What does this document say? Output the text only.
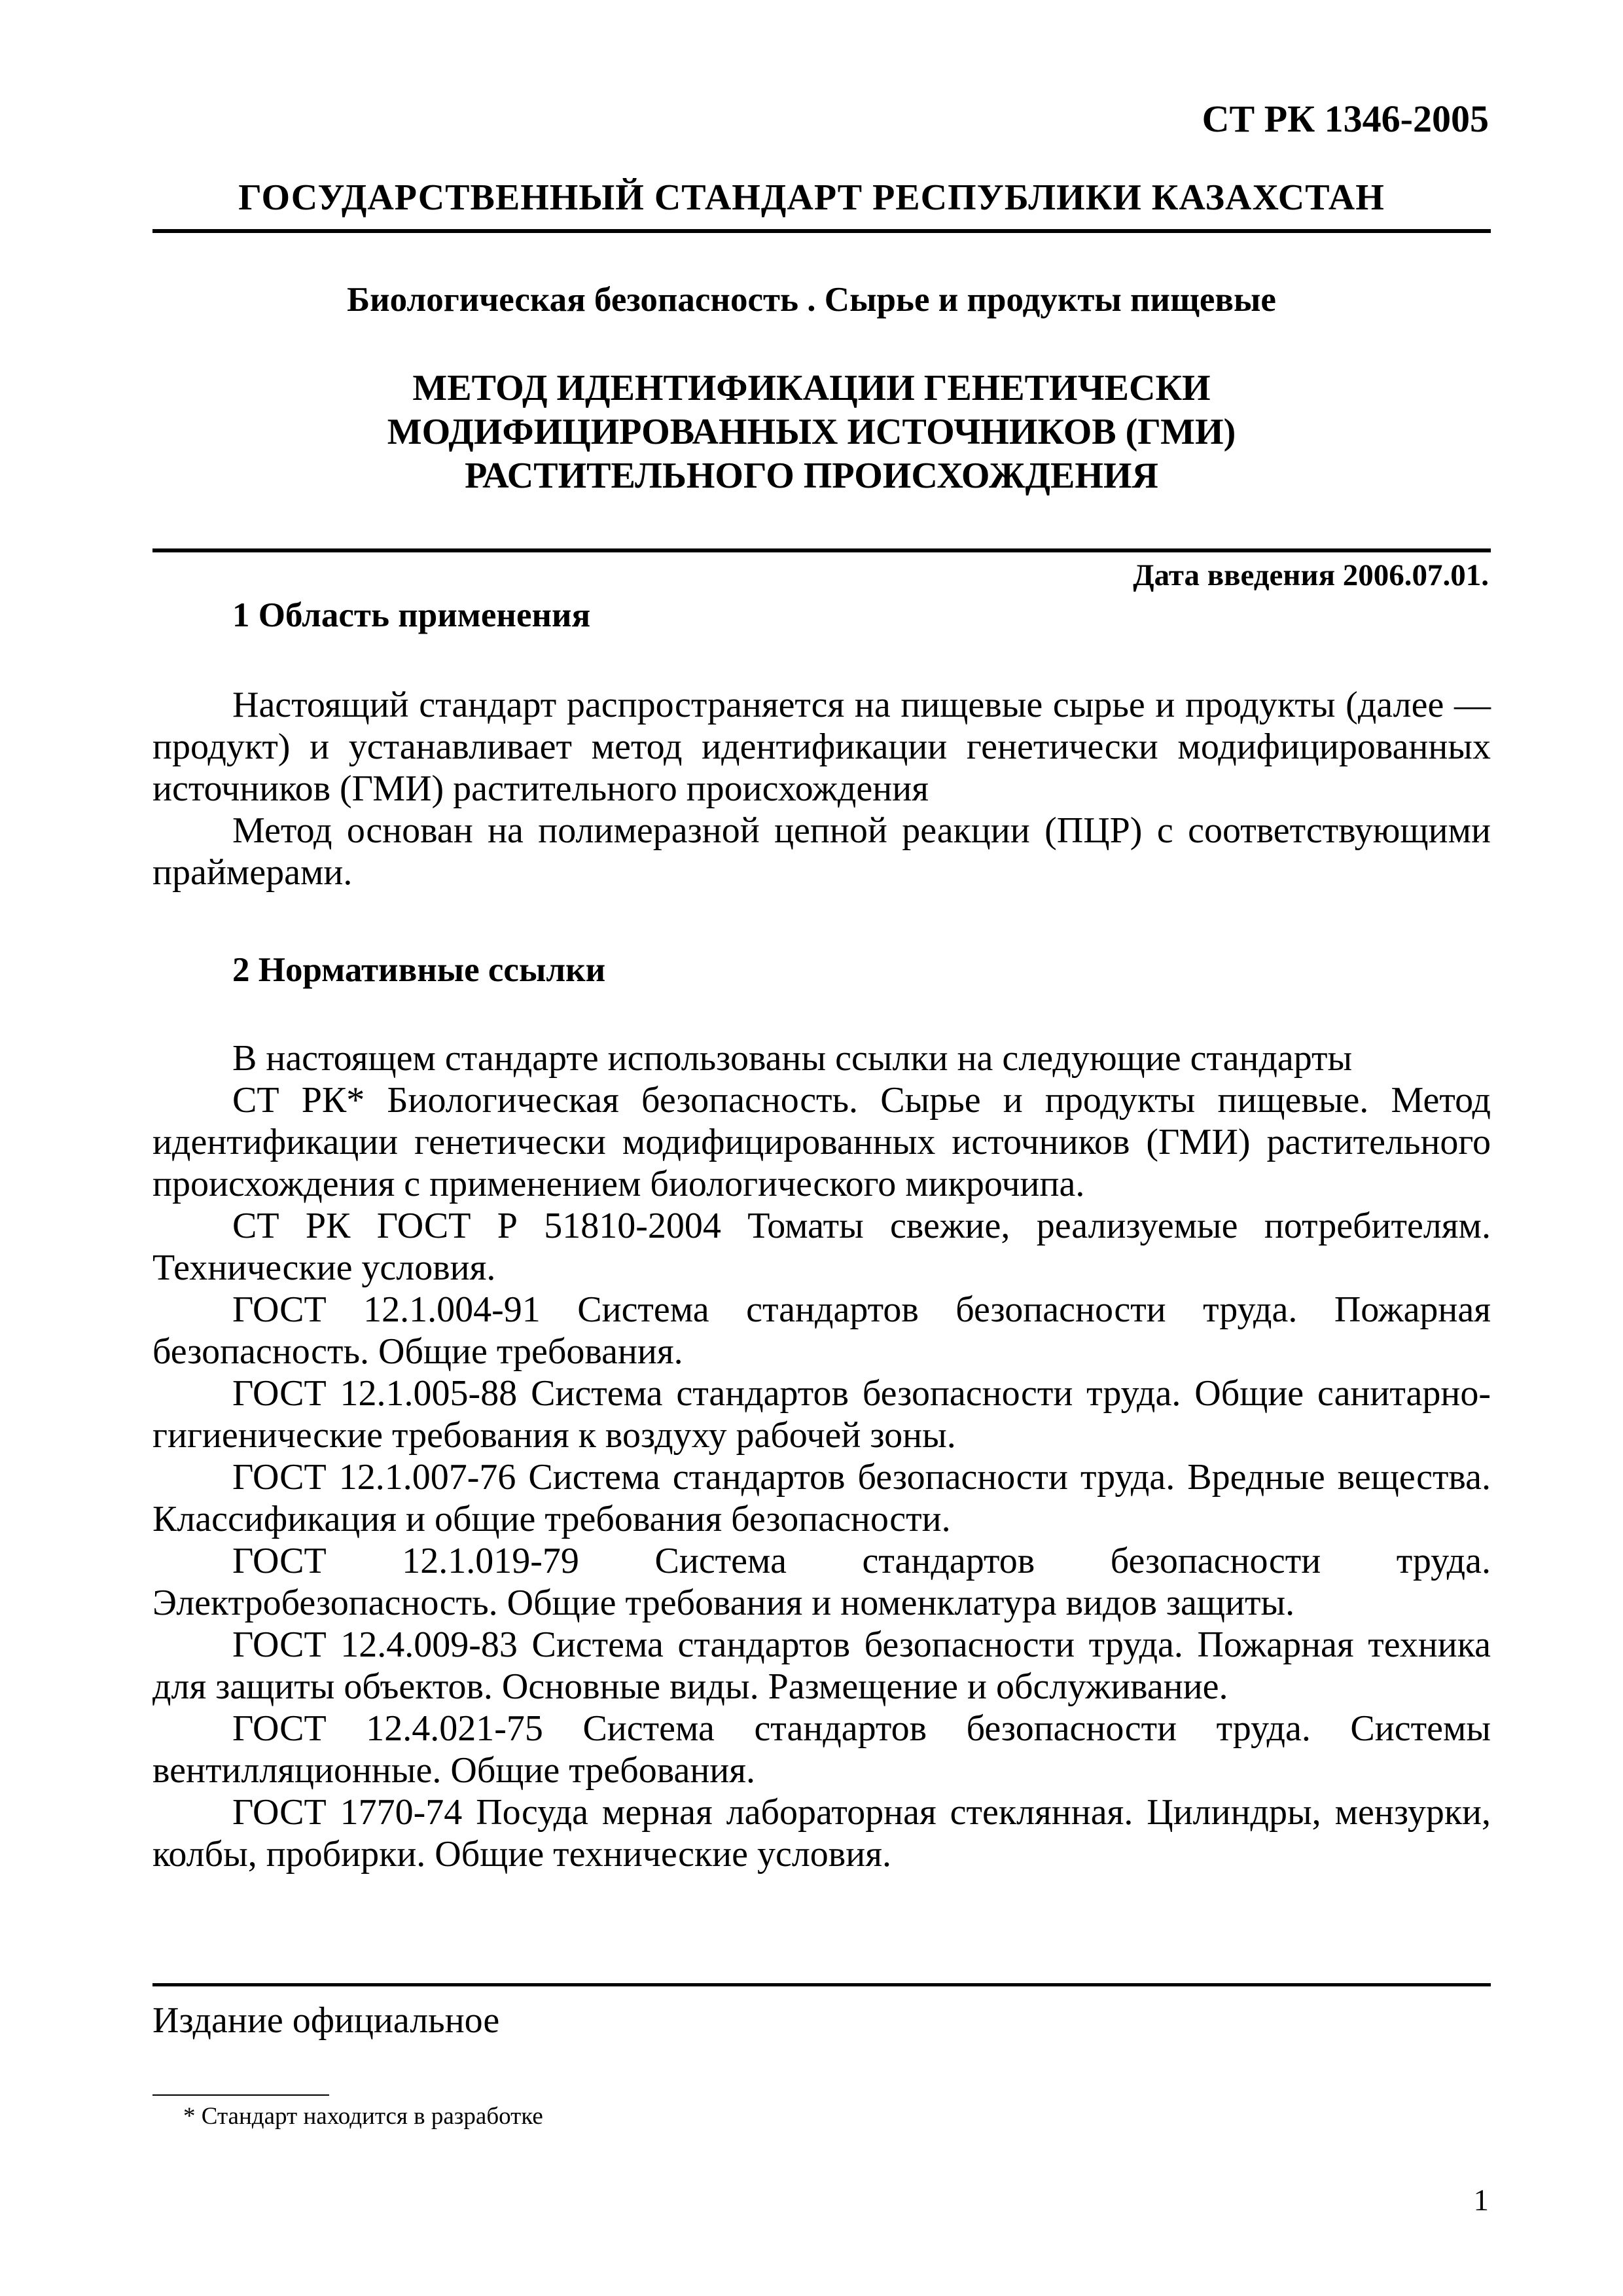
СТ РК 1346-2005
ГОСУДАРСТВЕННЫЙ СТАНДАРТ РЕСПУБЛИКИ КАЗАХСТАН
Биологическая безопасность . Сырье и продукты пищевые
МЕТОД ИДЕНТИФИКАЦИИ ГЕНЕТИЧЕСКИ
МОДИФИЦИРОВАННЫХ ИСТОЧНИКОВ (ГМИ)
РАСТИТЕЛЬНОГО ПРОИСХОЖДЕНИЯ
Дата введения 2006.07.01.
1 Область применения
Настоящий стандарт распространяется на пищевые сырье и продукты (далее — продукт) и устанавливает метод идентификации генетически модифицированных источников (ГМИ) растительного происхождения
Метод основан на полимеразной цепной реакции (ПЦР) с соответствующими праймерами.
2 Нормативные ссылки
В настоящем стандарте использованы ссылки на следующие стандарты
СТ РК* Биологическая безопасность. Сырье и продукты пищевые. Метод идентификации генетически модифицированных источников (ГМИ) растительного происхождения с применением биологического микрочипа.
СТ РК ГОСТ Р 51810-2004 Томаты свежие, реализуемые потребителям. Технические условия.
ГОСТ 12.1.004-91 Система стандартов безопасности труда. Пожарная безопасность. Общие требования.
ГОСТ 12.1.005-88 Система стандартов безопасности труда. Общие санитарно-гигиенические требования к воздуху рабочей зоны.
ГОСТ 12.1.007-76 Система стандартов безопасности труда. Вредные вещества. Классификация и общие требования безопасности.
ГОСТ 12.1.019-79 Система стандартов безопасности труда. Электробезопасность. Общие требования и номенклатура видов защиты.
ГОСТ 12.4.009-83 Система стандартов безопасности труда. Пожарная техника для защиты объектов. Основные виды. Размещение и обслуживание.
ГОСТ 12.4.021-75 Система стандартов безопасности труда. Системы вентилляционные. Общие требования.
ГОСТ 1770-74 Посуда мерная лабораторная стеклянная. Цилиндры, мензурки, колбы, пробирки. Общие технические условия.
Издание официальное
* Стандарт находится в разработке
1
